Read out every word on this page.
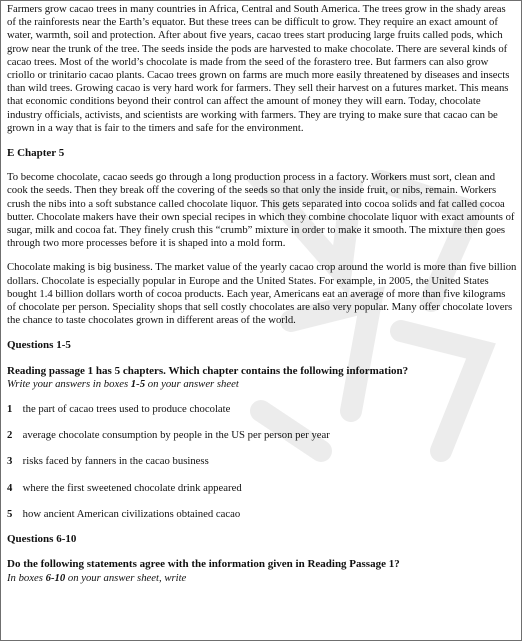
Farmers grow cacao trees in many countries in Africa, Central and South America. The trees grow in the shady areas of the rainforests near the Earth’s equator. But these trees can be difficult to grow. They require an exact amount of water, warmth, soil and protection. After about five years, cacao trees start producing large fruits called pods, which grow near the trunk of the tree. The seeds inside the pods are harvested to make chocolate. There are several kinds of cacao trees. Most of the world’s chocolate is made from the seed of the forastero tree. But farmers can also grow criollo or trinitario cacao plants. Cacao trees grown on farms are much more easily threatened by diseases and insects than wild trees. Growing cacao is very hard work for farmers. They sell their harvest on a futures market. This means that economic conditions beyond their control can affect the amount of money they will earn. Today, chocolate industry officials, activists, and scientists are working with farmers. They are trying to make sure that cacao can be grown in a way that is fair to the timers and safe for the environment.

E Chapter 5

To become chocolate, cacao seeds go through a long production process in a factory. Workers must sort, clean and cook the seeds. Then they break off the covering of the seeds so that only the inside fruit, or nibs, remain. Workers crush the nibs into a soft substance called chocolate liquor. This gets separated into cocoa solids and fat called cocoa butter. Chocolate makers have their own special recipes in which they combine chocolate liquor with exact amounts of sugar, milk and cocoa fat. They finely crush this “crumb” mixture in order to make it smooth. The mixture then goes through two more processes before it is shaped into a mold form.

Chocolate making is big business. The market value of the yearly cacao crop around the world is more than five billion dollars. Chocolate is especially popular in Europe and the United States. For example, in 2005, the United States bought 1.4 billion dollars worth of cocoa products. Each year, Americans eat an average of more than five kilograms of chocolate per person. Speciality shops that sell costly chocolates are also very popular. Many offer chocolate lovers the chance to taste chocolates grown in different areas of the world.

Questions 1-5

Reading passage 1 has 5 chapters. Which chapter contains the following information?

Write your answers in boxes 1-5 on your answer sheet

1 the part of cacao trees used to produce chocolate

2 average chocolate consumption by people in the US per person per year

3 risks faced by fanners in the cacao business

4 where the first sweetened chocolate drink appeared

5 how ancient American civilizations obtained cacao

Questions 6-10

Do the following statements agree with the information given in Reading Passage 1?

In boxes 6-10 on your answer sheet, write
